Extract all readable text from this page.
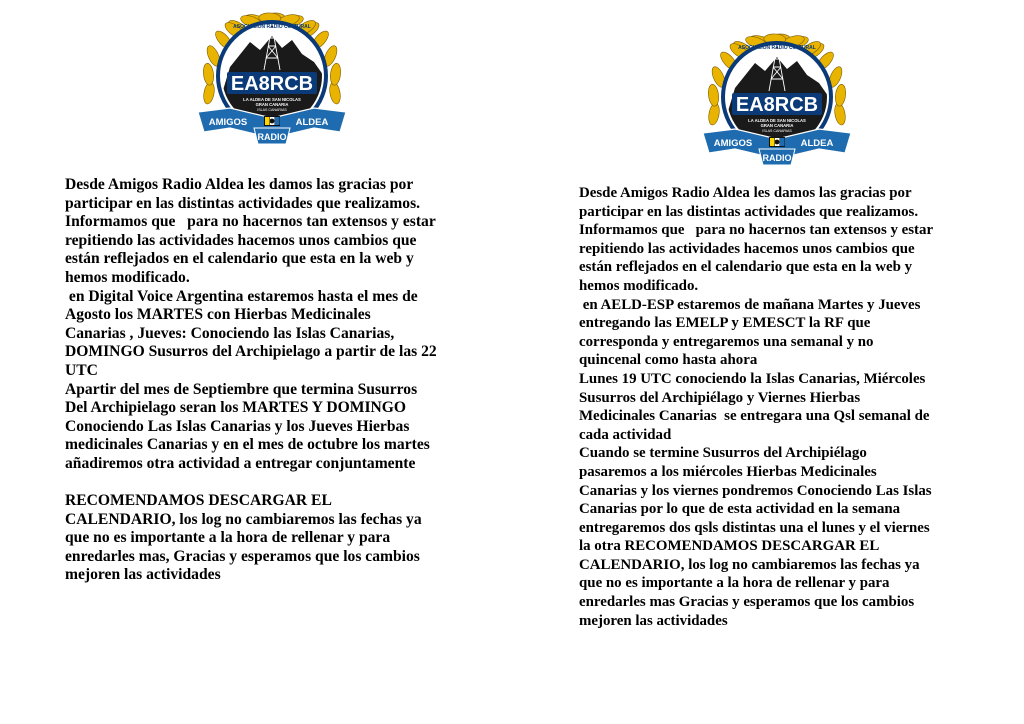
ASOCIACION RADIO CULTURAL
EA8RCB
LA ALDEA DE SAN NICOLAS
GRAN CANARIA
ISLAS CANARIAS
AMIGOS	ALDEA
RADIO
ASOCIACION RADIO CULTURAL
EA8RCB
LA ALDEA DE SAN NICOLAS
GRAN CANARIA
ISLAS CANARIAS
AMIGOS	ALDEA
RADIO

Desde Amigos Radio Aldea les damos las gracias por
participar en las distintas actividades que realizamos.
Informamos que   para no hacernos tan extensos y estar
repitiendo las actividades hacemos unos cambios que
están reflejados en el calendario que esta en la web y
hemos modificado.
en Digital Voice Argentina estaremos hasta el mes de
Agosto los MARTES con Hierbas Medicinales
Canarias , Jueves: Conociendo las Islas Canarias,
DOMINGO Susurros del Archipielago a partir de las 22
UTC
Apartir del mes de Septiembre que termina Susurros
Del Archipielago seran los MARTES Y DOMINGO
Conociendo Las Islas Canarias y los Jueves Hierbas
medicinales Canarias y en el mes de octubre los martes
añadiremos otra actividad a entregar conjuntamente

RECOMENDAMOS DESCARGAR EL
CALENDARIO, los log no cambiaremos las fechas ya
que no es importante a la hora de rellenar y para
enredarles mas, Gracias y esperamos que los cambios
mejoren las actividades

Desde Amigos Radio Aldea les damos las gracias por
participar en las distintas actividades que realizamos.
Informamos que   para no hacernos tan extensos y estar
repitiendo las actividades hacemos unos cambios que
están reflejados en el calendario que esta en la web y
hemos modificado.
en AELD-ESP estaremos de mañana Martes y Jueves
entregando las EMELP y EMESCT la RF que
corresponda y entregaremos una semanal y no
quincenal como hasta ahora
Lunes 19 UTC conociendo la Islas Canarias, Miércoles
Susurros del Archipiélago y Viernes Hierbas
Medicinales Canarias  se entregara una Qsl semanal de
cada actividad
Cuando se termine Susurros del Archipiélago
pasaremos a los miércoles Hierbas Medicinales
Canarias y los viernes pondremos Conociendo Las Islas
Canarias por lo que de esta actividad en la semana
entregaremos dos qsls distintas una el lunes y el viernes
la otra RECOMENDAMOS DESCARGAR EL
CALENDARIO, los log no cambiaremos las fechas ya
que no es importante a la hora de rellenar y para
enredarles mas Gracias y esperamos que los cambios
mejoren las actividades
